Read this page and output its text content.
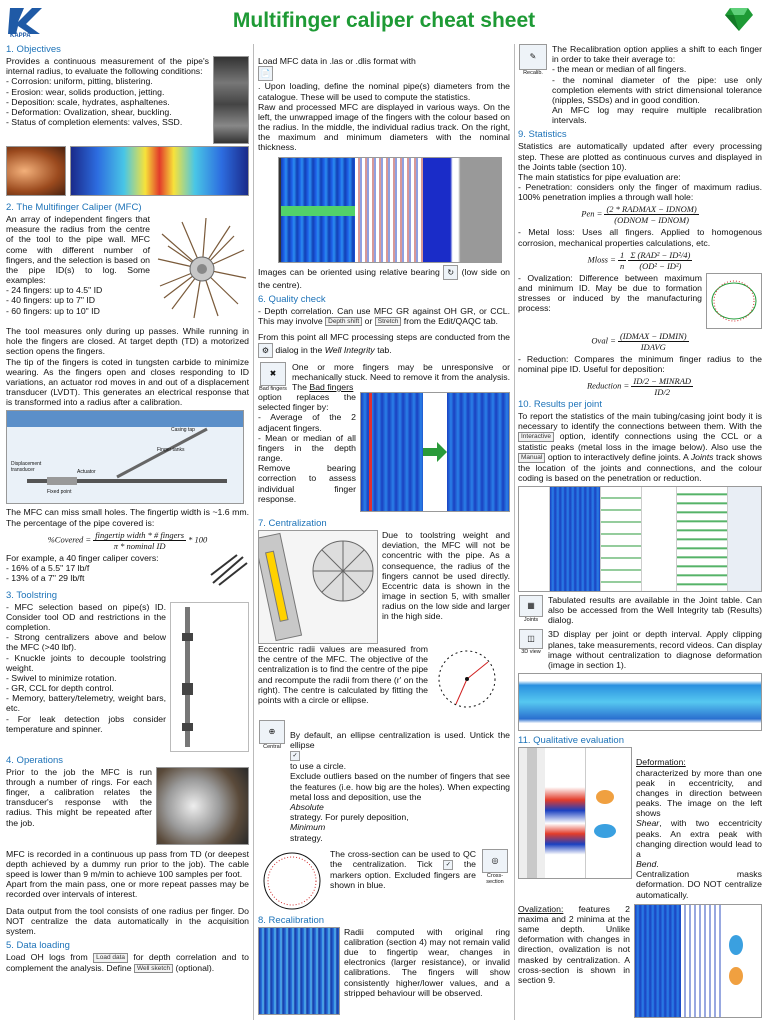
KAPPA
Multifinger caliper cheat sheet
1. Objectives

Provides a continuous measurement of the pipe's internal radius, to evaluate the following conditions:
- Corrosion: uniform, pitting, blistering.
- Erosion: wear, solids production, jetting.
- Deposition: scale, hydrates, asphaltenes.
- Deformation: Ovalization, shear, buckling.
- Status of completion elements: valves, SSD.

2. The Multifinger Caliper (MFC)

An array of independent fingers that measure the radius from the centre of the tool to the pipe wall. MFC come with different number of fingers, and the selection is based on the pipe ID(s) to log. Some examples:
- 24 fingers: up to 4.5" ID
- 40 fingers: up to 7" ID
- 60 fingers: up to 10" ID

The tool measures only during up passes. While running in hole the fingers are closed. At target depth (TD) a motorized section opens the fingers.
The tip of the fingers is coted in tungsten carbide to minimize wearing. As the fingers open and closes responding to ID variations, an actuator rod moves in and out of a displacement transducer (LVDT). This generates an electrical response that is transformed into a radius after a calibration.

Casing tap
Finger tanks
Displacement transducer	Actuator
Fixed point

The MFC can miss small holes. The fingertip width is ~1.6 mm. The percentage of the pipe covered is:

%Covered = $\frac{\text{fingertip width * \# fingers}}{\text{π * nominal ID}} * 100$

For example, a 40 finger caliper covers:
- 16% of a 5.5" 17 lb/f
- 13% of a 7" 29 lb/ft

3. Toolstring

- MFC selection based on pipe(s) ID. Consider tool OD and restrictions in the completion.
- Strong centralizers above and below the MFC (>40 lbf).
- Knuckle joints to decouple toolstring weight.
- Swivel to minimize rotation.
- GR, CCL for depth control.
- Memory, battery/telemetry, weight bars, etc.
- For leak detection jobs consider temperature and spinner.

4. Operations

Prior to the job the MFC is run through a number of rings. For each finger, a calibration relates the transducer's response with the radius. This might be repeated after the job.

MFC is recorded in a continuous up pass from TD (or deepest depth achieved by a dummy run prior to the job). The cable speed is lower than 9 m/min to achieve 100 samples per foot.
Apart from the main pass, one or more repeat passes may be recorded over intervals of interest.

Data output from the tool consists of one radius per finger. Do NOT centralize the data automatically in the acquisition system.

5. Data loading

Load OH logs from Load data for depth correlation and to complement the analysis. Define Well sketch (optional).

Load MFC data in .las or .dlis format with
📄
. Upon loading, define the nominal pipe(s) diameters from the catalogue. These will be used to compute the statistics.
Raw and processed MFC are displayed in various ways. On the left, the unwrapped image of the fingers with the colour based on the radius. In the middle, the individual radius track. On the right, the maximum and minimum diameters with the nominal thickness.

Images can be oriented using relative bearing ↻ (low side on the centre).

6. Quality check

- Depth correlation. Can use MFC GR against OH GR, or CCL. This may involve Depth shift or Stretch from the Edit/QAQC tab.

From this point all MFC processing steps are conducted from the ⚙ dialog in the Well Integrity tab.

✖
Bad fingers

One or more fingers may be unresponsive or mechanically stuck. Need to remove it from the analysis. The Bad fingers

option replaces the selected finger by:
- Average of the 2 adjacent fingers.
- Mean or median of all fingers in the depth range.
Remove bearing correction to assess individual finger response.

7. Centralization

Due to toolstring weight and deviation, the MFC will not be concentric with the pipe. As a consequence, the radius of the fingers cannot be used directly. Eccentric data is shown in the image in section 5, with smaller radius on the low side and larger in the high side.

Eccentric radii values are measured from the centre of the MFC. The objective of the centralization is to find the centre of the pipe and recompute the radii from there (r' on the right). The centre is calculated by fitting the points with a circle or ellipse.

⊕
Central

By default, an ellipse centralization is used. Untick the ellipse
✓
to use a circle.
Exclude outliers based on the number of fingers that see the features (i.e. how big are the holes). When expecting metal loss and deposition, use the
Absolute
strategy. For purely deposition,
Minimum
strategy.

The cross-section can be used to QC the centralization. Tick ✓ the markers option. Excluded fingers are shown in blue.

◎
Cross-section
8. Recalibration

Radii computed with original ring calibration (section 4) may not remain valid due to fingertip wear, changes in electronics (larger resistance), or invalid calibrations. The fingers will show consistently higher/lower values, and a stripped behaviour will be observed.

✎
Recalib.

The Recalibration option applies a shift to each finger in order to take their average to:
- the mean or median of all fingers.
- the nominal diameter of the pipe: use only completion elements with strict dimensional tolerance (nipples, SSDs) and in good condition.
An MFC log may require multiple recalibration intervals.

9. Statistics

Statistics are automatically updated after every processing step. These are plotted as continuous curves and displayed in the Joints table (section 10).
The main statistics for pipe evaluation are:
- Penetration: considers only the finger of maximum radius. 100% penetration implies a through wall hole:

Pen = $\frac{\text{(2 * RADMAX − IDNOM)}}{\text{(ODNOM − IDNOM)}}$

- Metal loss: Uses all fingers. Applied to homogenous corrosion, mechanical properties calculations, etc.

Mloss = $\frac{1}{n}$
$\frac{\text{Σ (RAD² − ID²/4)}}{\text{(OD² − ID²)}}$

- Ovalization: Difference between maximum and minimum ID. May be due to formation stresses or induced by the manufacturing process:

Oval = $\frac{\text{(IDMAX − IDMIN)}}{\text{IDAVG}}$

- Reduction: Compares the minimum finger radius to the nominal pipe ID. Useful for deposition:

Reduction = $\frac{\text{ID/2 − MINRAD}}{ID/2}$
10. Results per joint

To report the statistics of the main tubing/casing joint body it is necessary to identify the connections between them. With the Interactive option, identify connections using the CCL or a statistic peaks (metal loss in the image below). Also use the Manual option to interactively define joints. A Joints track shows the location of the joints and connections, and the colour coding is based on the penetration or reduction.

▦
Joints

Tabulated results are available in the Joint table. Can also be accessed from the Well Integrity tab (Results) dialog.

◫
3D view

3D display per joint or depth interval. Apply clipping planes, take measurements, record videos. Can display image without centralization to diagnose deformation (image in section 1).

11. Qualitative evaluation

Deformation:
characterized by more than one peak in eccentricity, and changes in direction between peaks. The image on the left shows
Shear, with two eccentricity peaks. An extra peak with changing direction would lead to a
Bend.
Centralization masks deformation. DO NOT centralize automatically.

Ovalization: features 2 maxima and 2 minima at the same depth. Unlike deformation with changes in direction, ovalization is not masked by centralization. A cross-section is shown in section 9.
